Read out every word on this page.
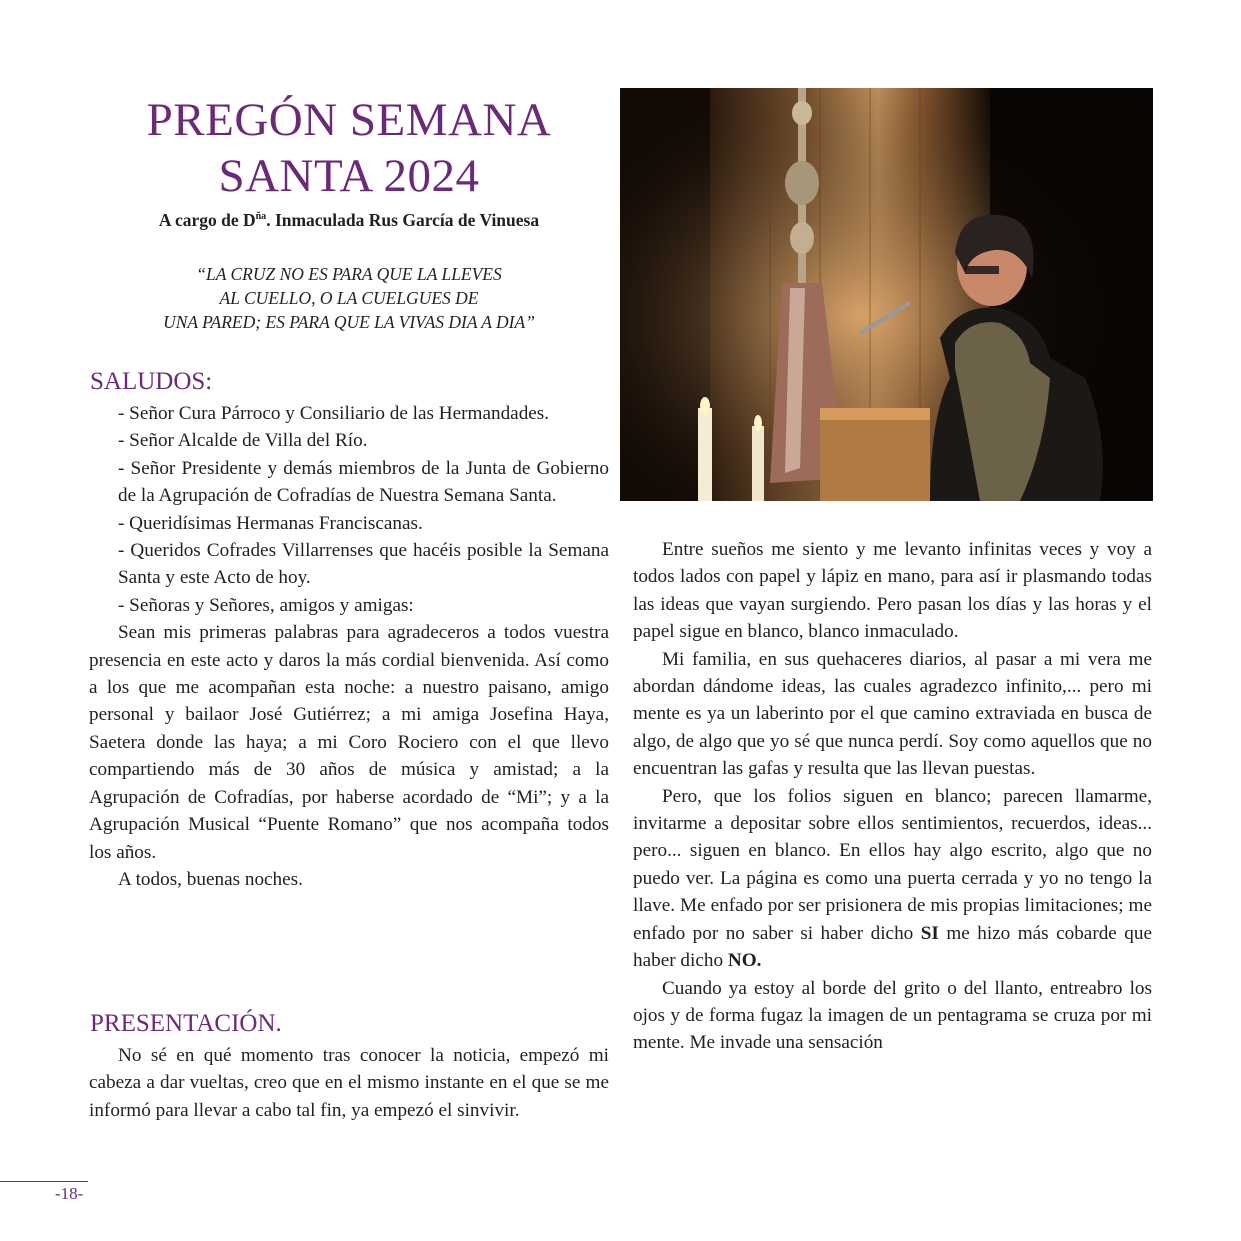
PREGÓN SEMANA
SANTA 2024
A cargo de $D^{ña}$. Inmaculada Rus García de Vinuesa
“LA CRUZ NO ES PARA QUE LA LLEVES
AL CUELLO, O LA CUELGUES DE
UNA PARED; ES PARA QUE LA VIVAS DIA A DIA”
SALUDOS:

- Señor Cura Párroco y Consiliario de las Hermandades.

- Señor Alcalde de Villa del Río.

- Señor Presidente y demás miembros de la Junta de Gobierno de la Agrupación de Cofradías de Nuestra Semana Santa.

- Queridísimas Hermanas Franciscanas.

- Queridos Cofrades Villarrenses que hacéis posible la Semana Santa y este Acto de hoy.

- Señoras y Señores, amigos y amigas:

Sean mis primeras palabras para agradeceros a todos vuestra presencia en este acto y daros la más cordial bienvenida. Así como a los que me acompañan esta noche: a nuestro paisano, amigo personal y bailaor José Gutiérrez; a mi amiga Josefina Haya, Saetera donde las haya; a mi Coro Rociero con el que llevo compartiendo más de 30 años de música y amistad; a la Agrupación de Cofradías, por haberse acordado de “Mi”; y a la Agrupación Musical “Puente Romano” que nos acompaña todos los años.

A todos, buenas noches.

PRESENTACIÓN.

No sé en qué momento tras conocer la noticia, empezó mi cabeza a dar vueltas, creo que en el mismo instante en el que se me informó para llevar a cabo tal fin, ya empezó el sinvivir.

Entre sueños me siento y me levanto infinitas veces y voy a todos lados con papel y lápiz en mano, para así ir plasmando todas las ideas que vayan surgiendo. Pero pasan los días y las horas y el papel sigue en blanco, blanco inmaculado.

Mi familia, en sus quehaceres diarios, al pasar a mi vera me abordan dándome ideas, las cuales agradezco infinito,... pero mi mente es ya un laberinto por el que camino extraviada en busca de algo, de algo que yo sé que nunca perdí. Soy como aquellos que no encuentran las gafas y resulta que las llevan puestas.

Pero, que los folios siguen en blanco; parecen llamarme, invitarme a depositar sobre ellos sentimientos, recuerdos, ideas... pero... siguen en blanco. En ellos hay algo escrito, algo que no puedo ver. La página es como una puerta cerrada y yo no tengo la llave. Me enfado por ser prisionera de mis propias limitaciones; me enfado por no saber si haber dicho SI me hizo más cobarde que haber dicho NO.

Cuando ya estoy al borde del grito o del llanto, entreabro los ojos y de forma fugaz la imagen de un pentagrama se cruza por mi mente. Me invade una sensación

-18-
